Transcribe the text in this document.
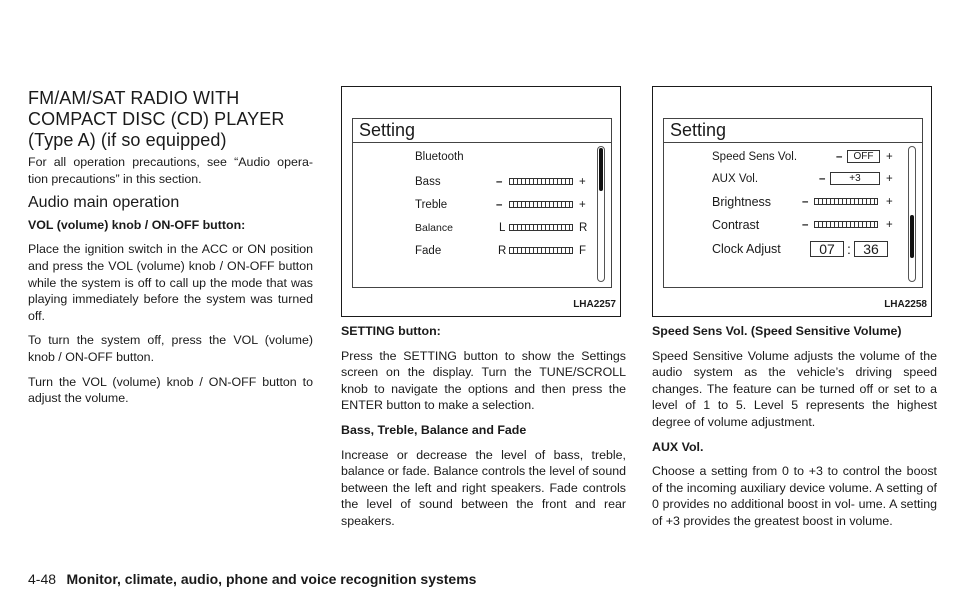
FM/AM/SAT RADIO WITH COMPACT DISC (CD) PLAYER (Type A) (if so equipped)

For all operation precautions, see “Audio opera- tion precautions” in this section.

Audio main operation

VOL (volume) knob / ON-OFF button:

Place the ignition switch in the ACC or ON position and press the VOL (volume) knob / ON-OFF button while the system is off to call up the mode that was playing immediately before the system was turned off.

To turn the system off, press the VOL (volume) knob / ON-OFF button.

Turn the VOL (volume) knob / ON-OFF button to adjust the volume.

Setting
Bluetooth
Bass	–	+
Treble	–	+
Balance	L	R
Fade	R	F
LHA2257

SETTING button:

Press the SETTING button to show the Settings screen on the display. Turn the TUNE/SCROLL knob to navigate the options and then press the ENTER button to make a selection.

Bass, Treble, Balance and Fade

Increase or decrease the level of bass, treble, balance or fade. Balance controls the level of sound between the left and right speakers. Fade controls the level of sound between the front and rear speakers.

Setting
Speed Sens Vol.	–	OFF	+
AUX Vol.	–	+3	+
Brightness	–	+
Contrast	–	+
Clock Adjust	07 : 36
LHA2258

Speed Sens Vol. (Speed Sensitive Volume)

Speed Sensitive Volume adjusts the volume of the audio system as the vehicle’s driving speed changes. The feature can be turned off or set to a level of 1 to 5. Level 5 represents the highest degree of volume adjustment.

AUX Vol.

Choose a setting from 0 to +3 to control the boost of the incoming auxiliary device volume. A setting of 0 provides no additional boost in vol- ume. A setting of +3 provides the greatest boost in volume.

4-48 Monitor, climate, audio, phone and voice recognition systems
